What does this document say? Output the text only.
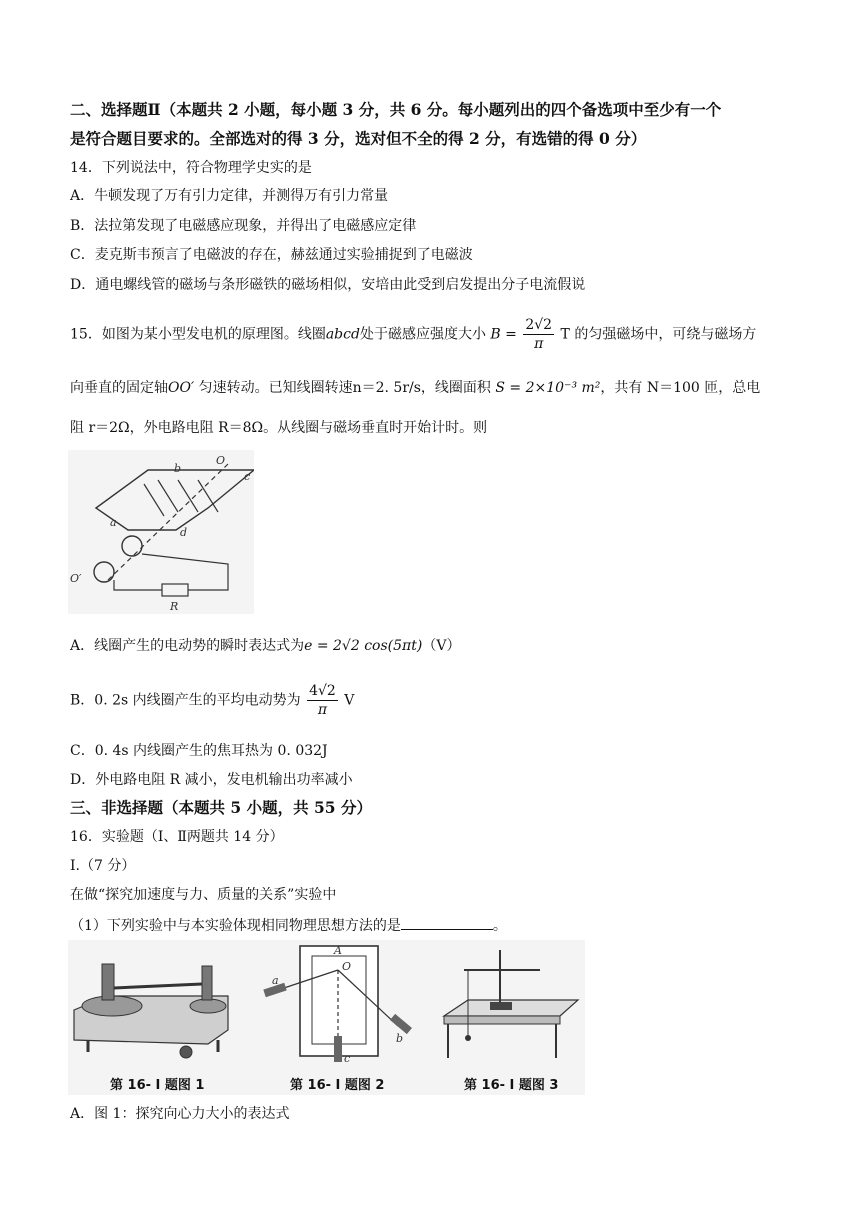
二、选择题Ⅱ（本题共 2 小题，每小题 3 分，共 6 分。每小题列出的四个备选项中至少有一个
是符合题目要求的。全部选对的得 3 分，选对但不全的得 2 分，有选错的得 0 分）
14．下列说法中，符合物理学史实的是
A．牛顿发现了万有引力定律，并测得万有引力常量
B．法拉第发现了电磁感应现象，并得出了电磁感应定律
C．麦克斯韦预言了电磁波的存在，赫兹通过实验捕捉到了电磁波
D．通电螺线管的磁场与条形磁铁的磁场相似，安培由此受到启发提出分子电流假说
15．如图为某小型发电机的原理图。线圈abcd处于磁感应强度大小 $B = \frac{2√2}{\pi}$ T 的匀强磁场中，可绕与磁场方
向垂直的固定轴OO′ 匀速转动。已知线圈转速n＝2. 5r/s，线圈面积 S = 2×10⁻³ m²，共有 N＝100 匝，总电
阻 r＝2Ω，外电路电阻 R＝8Ω。从线圈与磁场垂直时开始计时。则
O
b
c
a
d
O′
R
A．线圈产生的电动势的瞬时表达式为e = 2√2 cos(5πt)（V）
B．0. 2s 内线圈产生的平均电动势为 $\frac{4√2}{\pi}$ V
C．0. 4s 内线圈产生的焦耳热为 0. 032J
D．外电路电阻 R 减小，发电机输出功率减小
三、非选择题（本题共 5 小题，共 55 分）
16．实验题（Ⅰ、Ⅱ两题共 14 分）
Ⅰ.（7 分）
在做“探究加速度与力、质量的关系”实验中
（1）下列实验中与本实验体现相同物理思想方法的是	。
A
O
a
b
c
第 16- Ⅰ 题图 1	第 16- Ⅰ 题图 2	第 16- Ⅰ 题图 3
A．图 1：探究向心力大小的表达式
